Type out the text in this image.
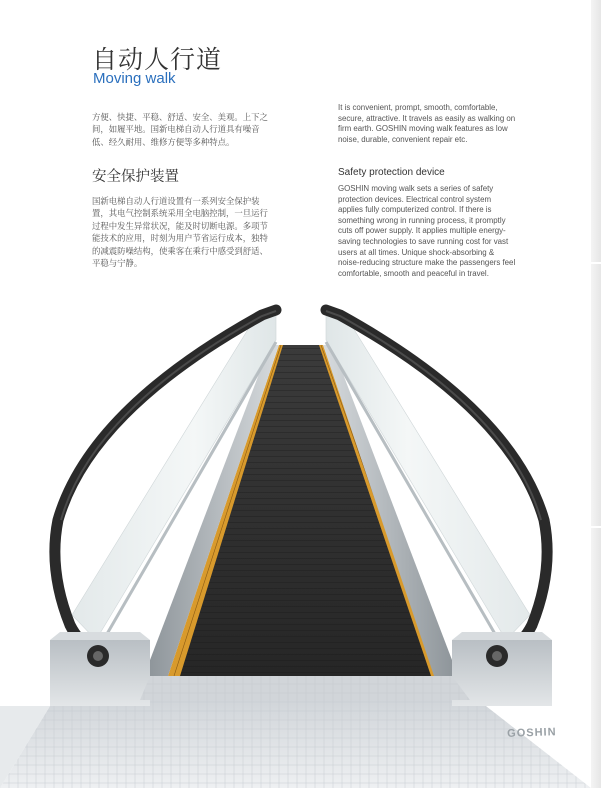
自动人行道
Moving walk

方便、快捷、平稳、舒适、安全、美观。上下之间，如履平地。国新电梯自动人行道具有噪音低、经久耐用、维修方便等多种特点。

It is convenient, prompt, smooth, comfortable, secure, attractive. It travels as easily as walking on firm earth. GOSHIN moving walk features as low noise, durable, convenient repair etc.

安全保护装置	Safety protection device

国新电梯自动人行道设置有一系列安全保护装置，其电气控制系统采用全电脑控制，一旦运行过程中发生异常状况，能及时切断电源。多项节能技术的应用，时刻为用户节省运行成本，独特的减震防噪结构，使乘客在乘行中感受到舒适、平稳与宁静。

GOSHIN moving walk sets a series of safety protection devices. Electrical control system applies fully computerized control. If there is something wrong in running process, it promptly cuts off power supply. It applies multiple energy-saving technologies to save running cost for vast users at all times. Unique shock-absorbing & noise-reducing structure make the passengers feel comfortable, smooth and peaceful in travel.

GOSHIN
